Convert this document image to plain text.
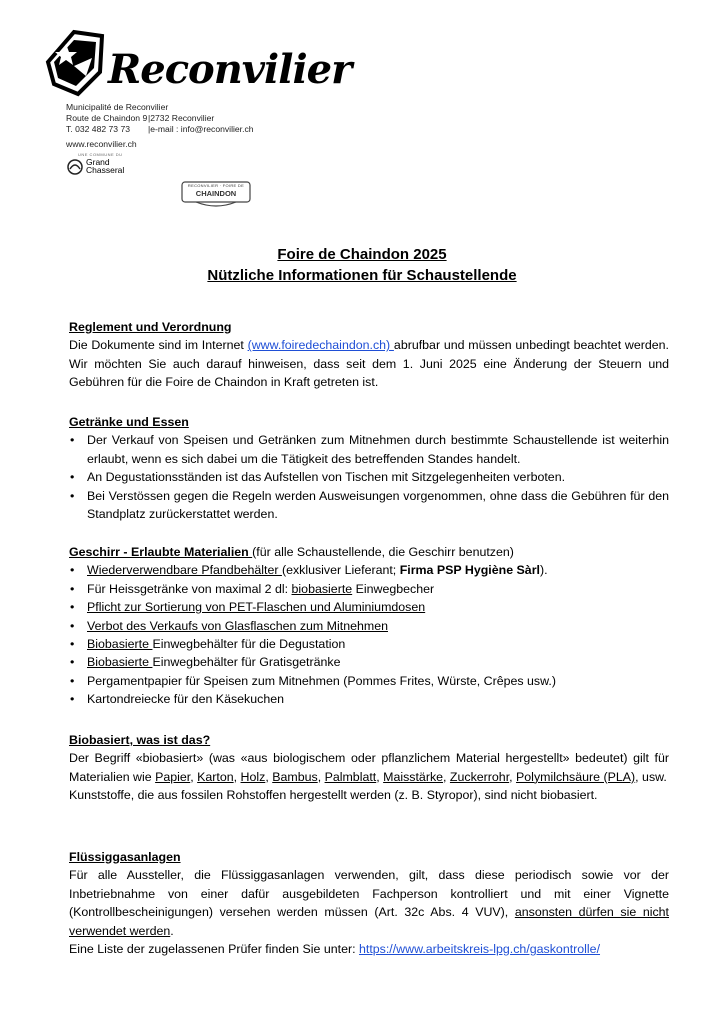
Reconvilier
Municipalité de Reconvilier
Route de Chaindon 9 |2732 Reconvilier
T. 032 482 73 73 |e-mail : info@reconvilier.ch
www.reconvilier.ch
UNE COMMUNE DU
Grand
Chasseral
RECONVILIER · FOIRE DE
CHAINDON
Foire de Chaindon 2025
Nützliche Informationen für Schaustellende

Reglement und Verordnung

Die Dokumente sind im Internet (www.foiredechaindon.ch) abrufbar und müssen unbedingt beachtet werden. Wir möchten Sie auch darauf hinweisen, dass seit dem 1. Juni 2025 eine Änderung der Steuern und Gebühren für die Foire de Chaindon in Kraft getreten ist.

Getränke und Essen

• Der Verkauf von Speisen und Getränken zum Mitnehmen durch bestimmte Schaustellende ist weiterhin erlaubt, wenn es sich dabei um die Tätigkeit des betreffenden Standes handelt.
• An Degustationsständen ist das Aufstellen von Tischen mit Sitzgelegenheiten verboten.
• Bei Verstössen gegen die Regeln werden Ausweisungen vorgenommen, ohne dass die Gebühren für den Standplatz zurückerstattet werden.

Geschirr - Erlaubte Materialien (für alle Schaustellende, die Geschirr benutzen)

• Wiederverwendbare Pfandbehälter (exklusiver Lieferant; Firma PSP Hygiène Sàrl).
• Für Heissgetränke von maximal 2 dl: biobasierte Einwegbecher
• Pflicht zur Sortierung von PET-Flaschen und Aluminiumdosen
• Verbot des Verkaufs von Glasflaschen zum Mitnehmen
• Biobasierte Einwegbehälter für die Degustation
• Biobasierte Einwegbehälter für Gratisgetränke
• Pergamentpapier für Speisen zum Mitnehmen (Pommes Frites, Würste, Crêpes usw.)
• Kartondreiecke für den Käsekuchen

Biobasiert, was ist das?

Der Begriff «biobasiert» (was «aus biologischem oder pflanzlichem Material hergestellt» bedeutet) gilt für Materialien wie Papier, Karton, Holz, Bambus, Palmblatt, Maisstärke, Zuckerrohr, Polymilchsäure (PLA), usw.

Kunststoffe, die aus fossilen Rohstoffen hergestellt werden (z. B. Styropor), sind nicht biobasiert.

Flüssiggasanlagen

Für alle Aussteller, die Flüssiggasanlagen verwenden, gilt, dass diese periodisch sowie vor der Inbetriebnahme von einer dafür ausgebildeten Fachperson kontrolliert und mit einer Vignette (Kontrollbescheinigungen) versehen werden müssen (Art. 32c Abs. 4 VUV), ansonsten dürfen sie nicht verwendet werden.

Eine Liste der zugelassenen Prüfer finden Sie unter: https://www.arbeitskreis-lpg.ch/gaskontrolle/
